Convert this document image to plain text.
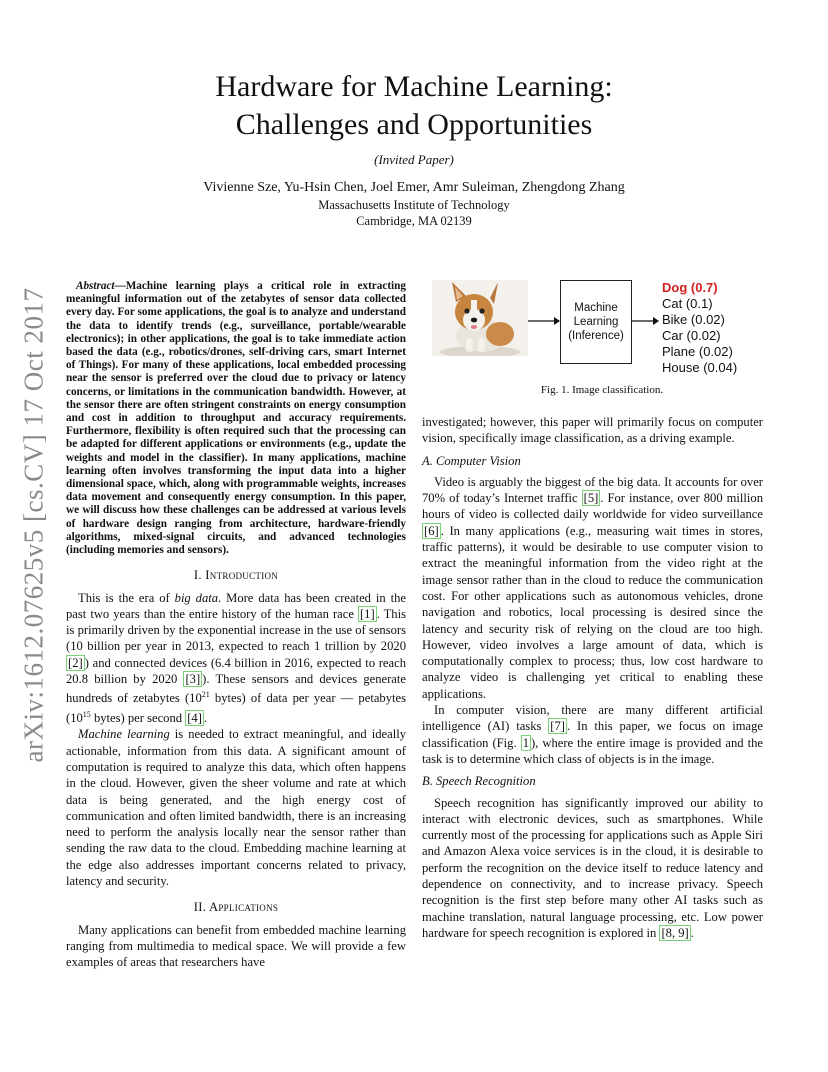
arXiv:1612.07625v5 [cs.CV] 17 Oct 2017
Hardware for Machine Learning:
Challenges and Opportunities
(Invited Paper)
Vivienne Sze, Yu-Hsin Chen, Joel Emer, Amr Suleiman, Zhengdong Zhang
Massachusetts Institute of Technology
Cambridge, MA 02139

Abstract—Machine learning plays a critical role in extracting meaningful information out of the zetabytes of sensor data collected every day. For some applications, the goal is to analyze and understand the data to identify trends (e.g., surveillance, portable/wearable electronics); in other applications, the goal is to take immediate action based the data (e.g., robotics/drones, self-driving cars, smart Internet of Things). For many of these applications, local embedded processing near the sensor is preferred over the cloud due to privacy or latency concerns, or limitations in the communication bandwidth. However, at the sensor there are often stringent constraints on energy consumption and cost in addition to throughput and accuracy requirements. Furthermore, flexibility is often required such that the processing can be adapted for different applications or environments (e.g., update the weights and model in the classifier). In many applications, machine learning often involves transforming the input data into a higher dimensional space, which, along with programmable weights, increases data movement and consequently energy consumption. In this paper, we will discuss how these challenges can be addressed at various levels of hardware design ranging from architecture, hardware-friendly algorithms, mixed-signal circuits, and advanced technologies (including memories and sensors).

I. Introduction

This is the era of big data. More data has been created in the past two years than the entire history of the human race [1] . This is primarily driven by the exponential increase in the use of sensors (10 billion per year in 2013, expected to reach 1 trillion by 2020 [2] ) and connected devices (6.4 billion in 2016, expected to reach 20.8 billion by 2020 [3] ). These sensors and devices generate hundreds of zetabytes ($10^{21}$ bytes) of data per year — petabytes ($10^{15}$ bytes) per second [4] .

Machine learning is needed to extract meaningful, and ideally actionable, information from this data. A significant amount of computation is required to analyze this data, which often happens in the cloud. However, given the sheer volume and rate at which data is being generated, and the high energy cost of communication and often limited bandwidth, there is an increasing need to perform the analysis locally near the sensor rather than sending the raw data to the cloud. Embedding machine learning at the edge also addresses important concerns related to privacy, latency and security.

II. Applications

Many applications can benefit from embedded machine learning ranging from multimedia to medical space. We will provide a few examples of areas that researchers have

Machine
Learning
(Inference)
Dog (0.7)
Cat (0.1)
Bike (0.02)
Car (0.02)
Plane (0.02)
House (0.04)
Fig. 1. Image classification.

investigated; however, this paper will primarily focus on computer vision, specifically image classification, as a driving example.

A. Computer Vision

Video is arguably the biggest of the big data. It accounts for over 70% of today’s Internet traffic [5] . For instance, over 800 million hours of video is collected daily worldwide for video surveillance [6] . In many applications (e.g., measuring wait times in stores, traffic patterns), it would be desirable to use computer vision to extract the meaningful information from the video right at the image sensor rather than in the cloud to reduce the communication cost. For other applications such as autonomous vehicles, drone navigation and robotics, local processing is desired since the latency and security risk of relying on the cloud are too high. However, video involves a large amount of data, which is computationally complex to process; thus, low cost hardware to analyze video is challenging yet critical to enabling these applications.

In computer vision, there are many different artificial intelligence (AI) tasks [7] . In this paper, we focus on image classification (Fig. 1 ), where the entire image is provided and the task is to determine which class of objects is in the image.

B. Speech Recognition

Speech recognition has significantly improved our ability to interact with electronic devices, such as smartphones. While currently most of the processing for applications such as Apple Siri and Amazon Alexa voice services is in the cloud, it is desirable to perform the recognition on the device itself to reduce latency and dependence on connectivity, and to increase privacy. Speech recognition is the first step before many other AI tasks such as machine translation, natural language processing, etc. Low power hardware for speech recognition is explored in [8, 9] .
